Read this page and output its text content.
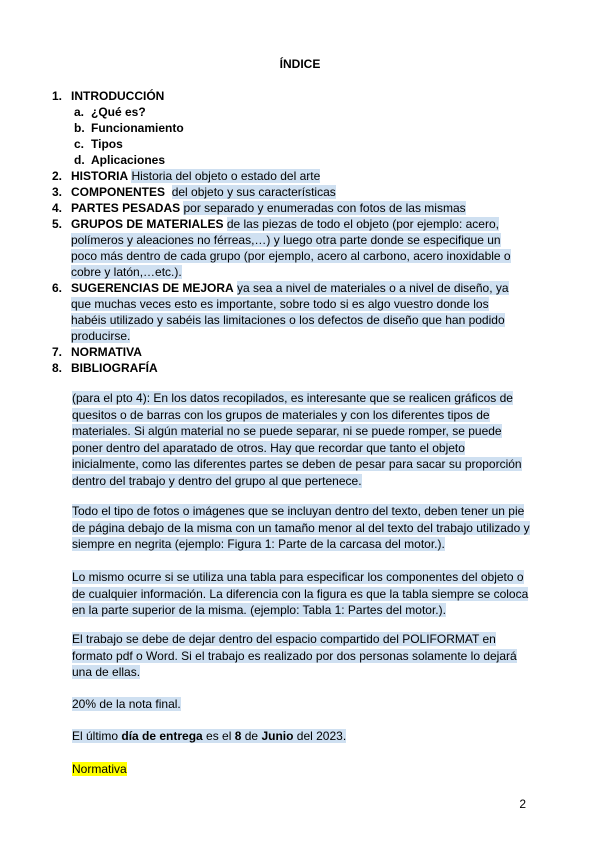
ÍNDICE
1. INTRODUCCIÓN
a. ¿Qué es?
b. Funcionamiento
c. Tipos
d. Aplicaciones
2. HISTORIA Historia del objeto o estado del arte
3. COMPONENTES del objeto y sus características
4. PARTES PESADAS por separado y enumeradas con fotos de las mismas
5. GRUPOS DE MATERIALES de las piezas de todo el objeto (por ejemplo: acero, polímeros y aleaciones no férreas,…) y luego otra parte donde se especifique un poco más dentro de cada grupo (por ejemplo, acero al carbono, acero inoxidable o cobre y latón,…etc.).
6. SUGERENCIAS DE MEJORA ya sea a nivel de materiales o a nivel de diseño, ya que muchas veces esto es importante, sobre todo si es algo vuestro donde los habéis utilizado y sabéis las limitaciones o los defectos de diseño que han podido producirse.
7. NORMATIVA
8. BIBLIOGRAFÍA

(para el pto 4): En los datos recopilados, es interesante que se realicen gráficos de quesitos o de barras con los grupos de materiales y con los diferentes tipos de materiales. Si algún material no se puede separar, ni se puede romper, se puede poner dentro del aparatado de otros. Hay que recordar que tanto el objeto inicialmente, como las diferentes partes se deben de pesar para sacar su proporción dentro del trabajo y dentro del grupo al que pertenece.

Todo el tipo de fotos o imágenes que se incluyan dentro del texto, deben tener un pie de página debajo de la misma con un tamaño menor al del texto del trabajo utilizado y siempre en negrita (ejemplo: Figura 1: Parte de la carcasa del motor.).

Lo mismo ocurre si se utiliza una tabla para especificar los componentes del objeto o de cualquier información. La diferencia con la figura es que la tabla siempre se coloca en la parte superior de la misma. (ejemplo: Tabla 1: Partes del motor.).

El trabajo se debe de dejar dentro del espacio compartido del POLIFORMAT en formato pdf o Word. Si el trabajo es realizado por dos personas solamente lo dejará una de ellas.

20% de la nota final.

El último día de entrega es el 8 de Junio del 2023.

Normativa

2
